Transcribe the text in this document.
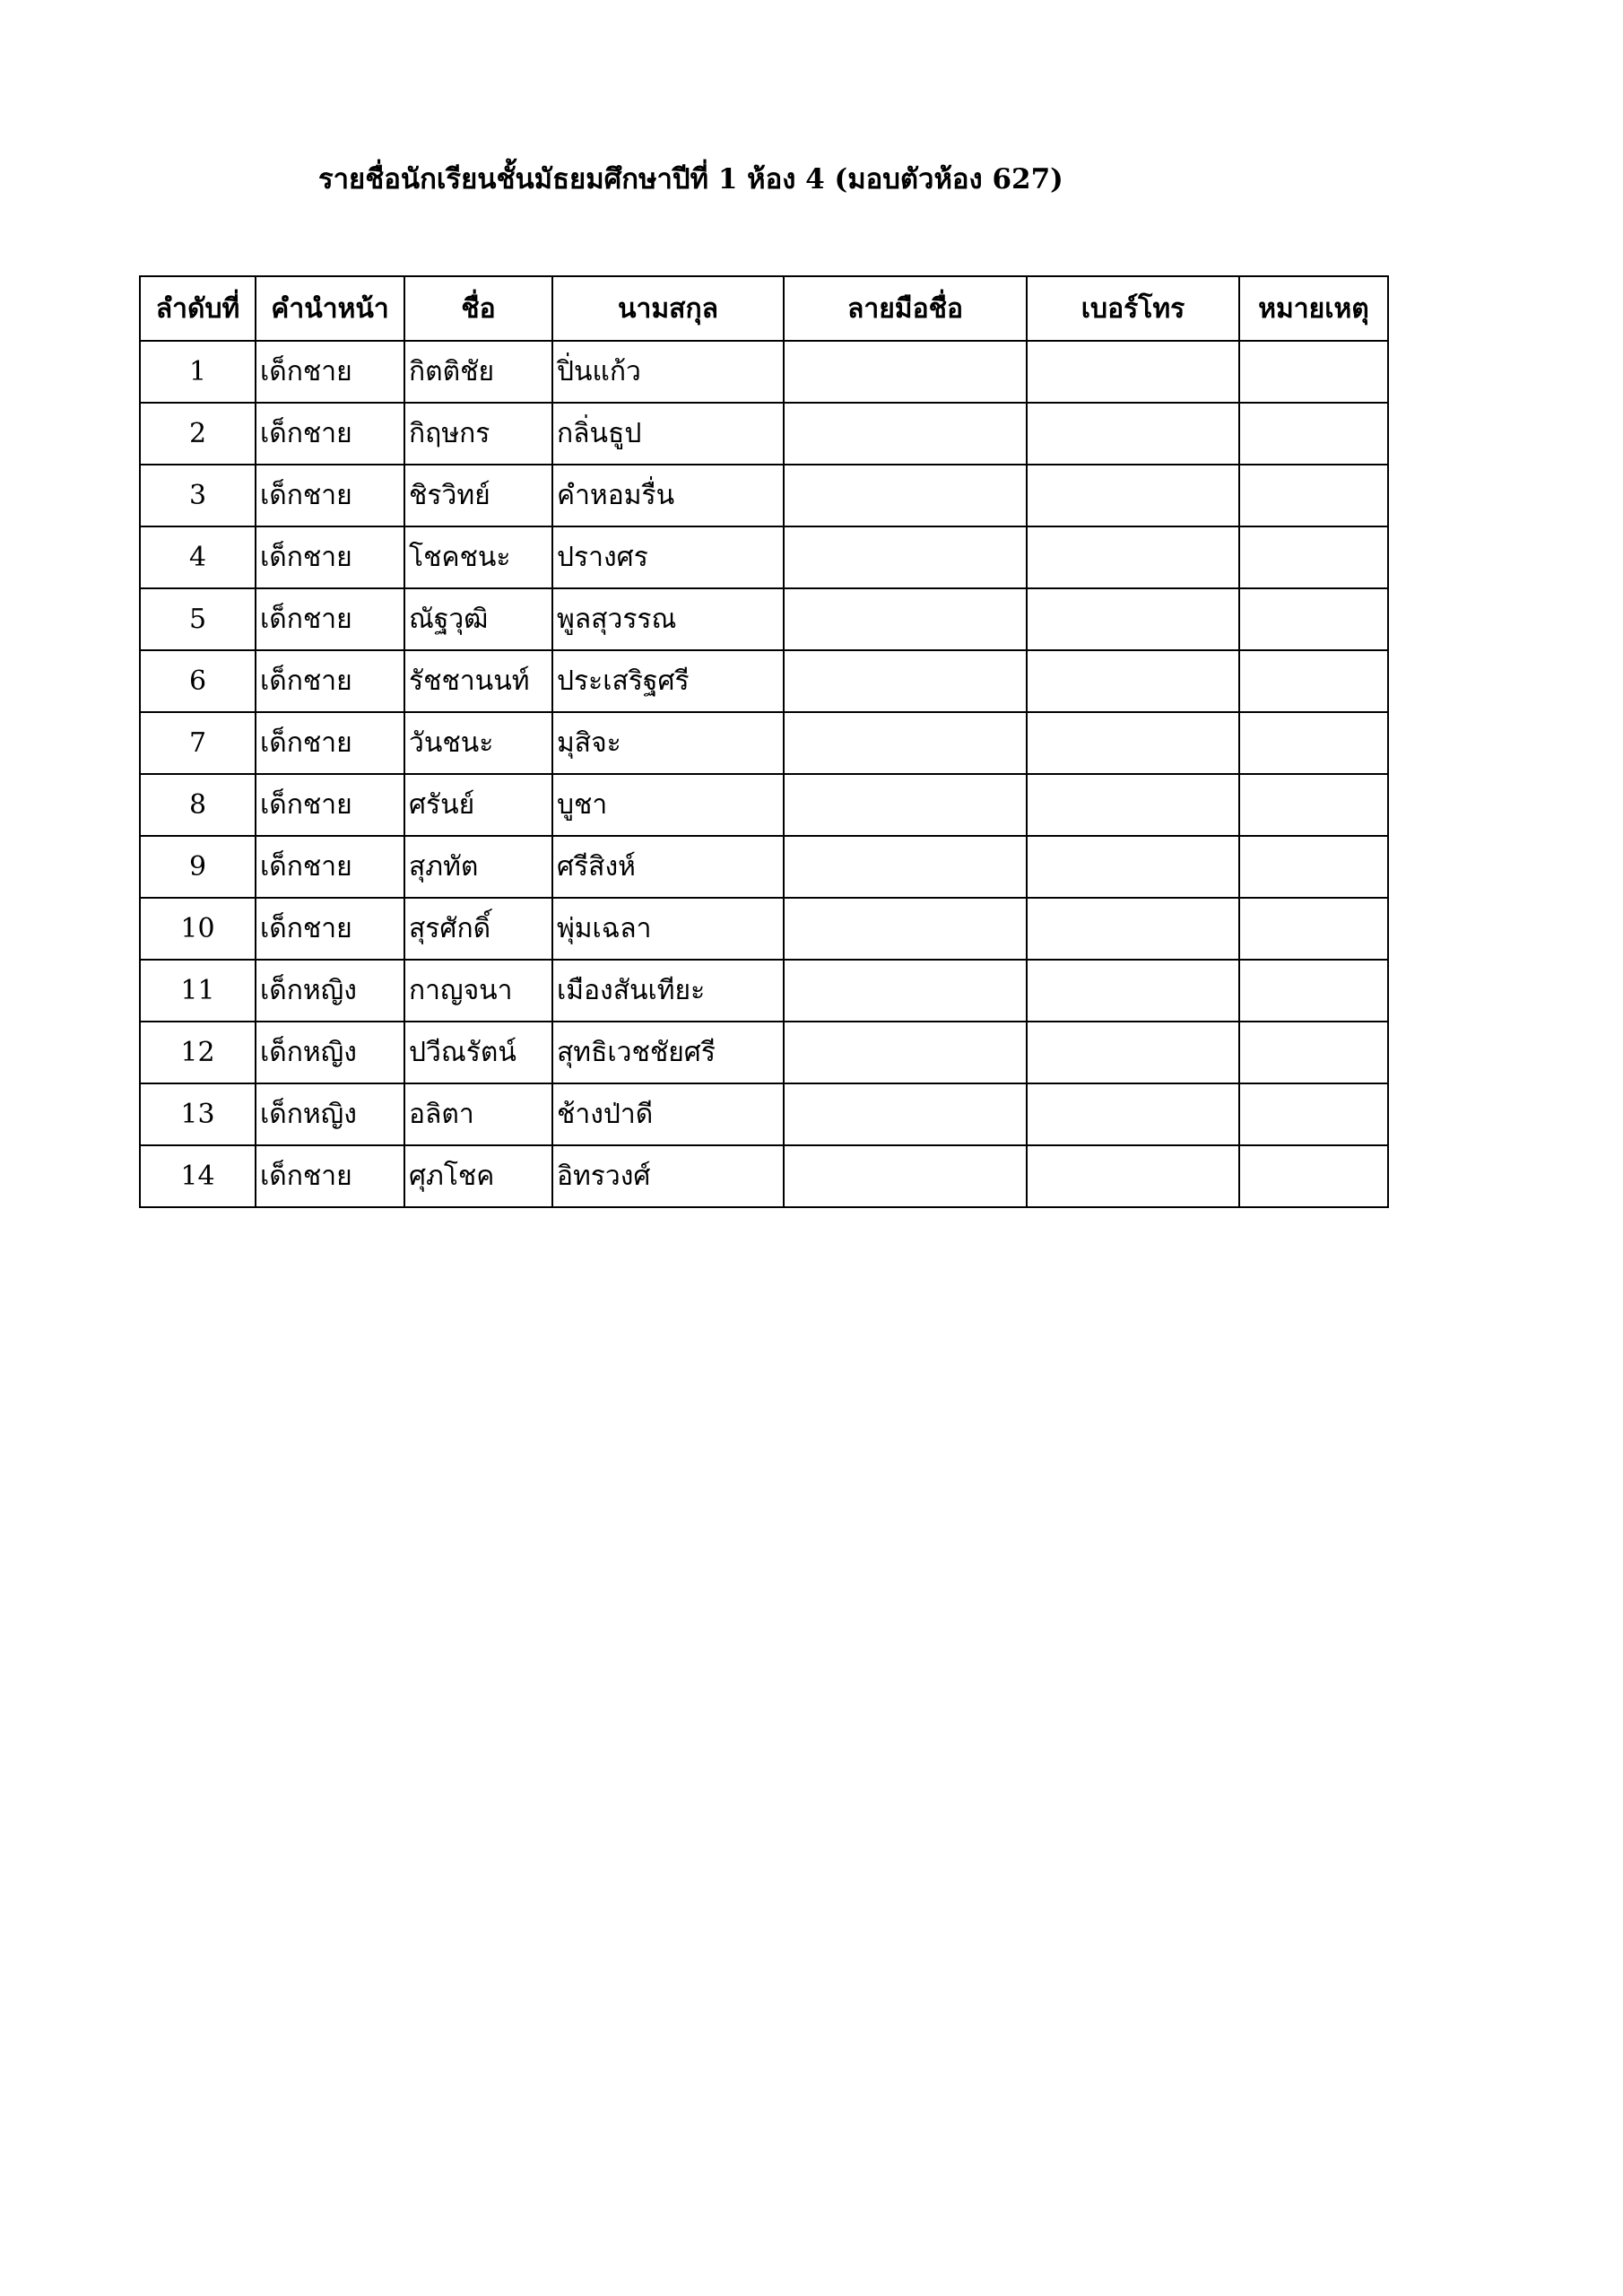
รายชื่อนักเรียนชั้นมัธยมศึกษาปีที่ 1 ห้อง 4 (มอบตัวห้อง 627)
ลำดับที่	คำนำหน้า	ชื่อ	นามสกุล	ลายมือชื่อ	เบอร์โทร	หมายเหตุ
1	เด็กชาย	กิตติชัย	ปิ่นแก้ว			
2	เด็กชาย	กิฤษกร	กลิ่นธูป			
3	เด็กชาย	ชิรวิทย์	คำหอมรื่น			
4	เด็กชาย	โชคชนะ	ปรางศร			
5	เด็กชาย	ณัฐวุฒิ	พูลสุวรรณ			
6	เด็กชาย	รัชชานนท์	ประเสริฐศรี			
7	เด็กชาย	วันชนะ	มุสิจะ			
8	เด็กชาย	ศรันย์	บูชา			
9	เด็กชาย	สุภทัต	ศรีสิงห์			
10	เด็กชาย	สุรศักดิ์	พุ่มเฉลา			
11	เด็กหญิง	กาญจนา	เมืองสันเทียะ			
12	เด็กหญิง	ปวีณรัตน์	สุทธิเวชชัยศรี			
13	เด็กหญิง	อลิตา	ช้างป่าดี			
14	เด็กชาย	ศุภโชค	อิทรวงศ์			
